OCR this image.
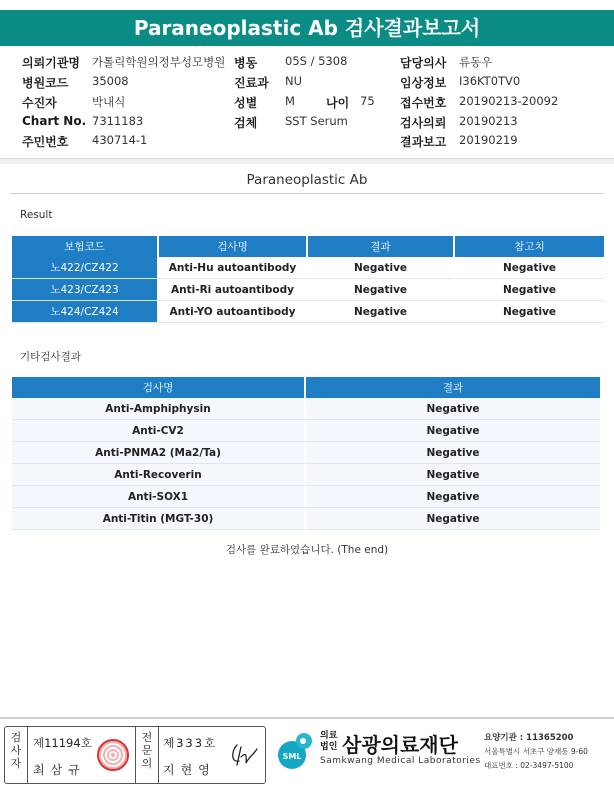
Paraneoplastic Ab 검사결과보고서
의뢰기관명 가톨릭학원의정부성모병원 병동 05S / 5308	담당의사 류동우
병원코드 35008	진료과 NU	임상정보 I36KT0TV0
수진자	박내식	성별 M	나이 75 접수번호 20190213-20092
Chart No. 7311183	검체 SST Serum	검사의뢰 20190213
주민번호 430714-1	결과보고 20190219
Paraneoplastic Ab
Result
보험코드	검사명	결과	참고치
노422/CZ422	Anti-Hu autoantibody	Negative	Negative
노423/CZ423	Anti-Ri autoantibody	Negative	Negative
노424/CZ424	Anti-YO autoantibody	Negative	Negative
기타검사결과
검사명	결과
Anti-Amphiphysin	Negative
Anti-CV2	Negative
Anti-PNMA2 (Ma2/Ta)	Negative
Anti-Recoverin	Negative
Anti-SOX1	Negative
Anti-Titin (MGT-30)	Negative
검사를 완료하였습니다. (The end)
검사자
제11194호
최삼규
전문의
제333호
지현영
SML
의료
법인 삼광의료재단
Samkwang Medical Laboratories
요양기관 : 11365200
서울특별시 서초구 양재동 9-60
대표번호 : 02-3497-5100
